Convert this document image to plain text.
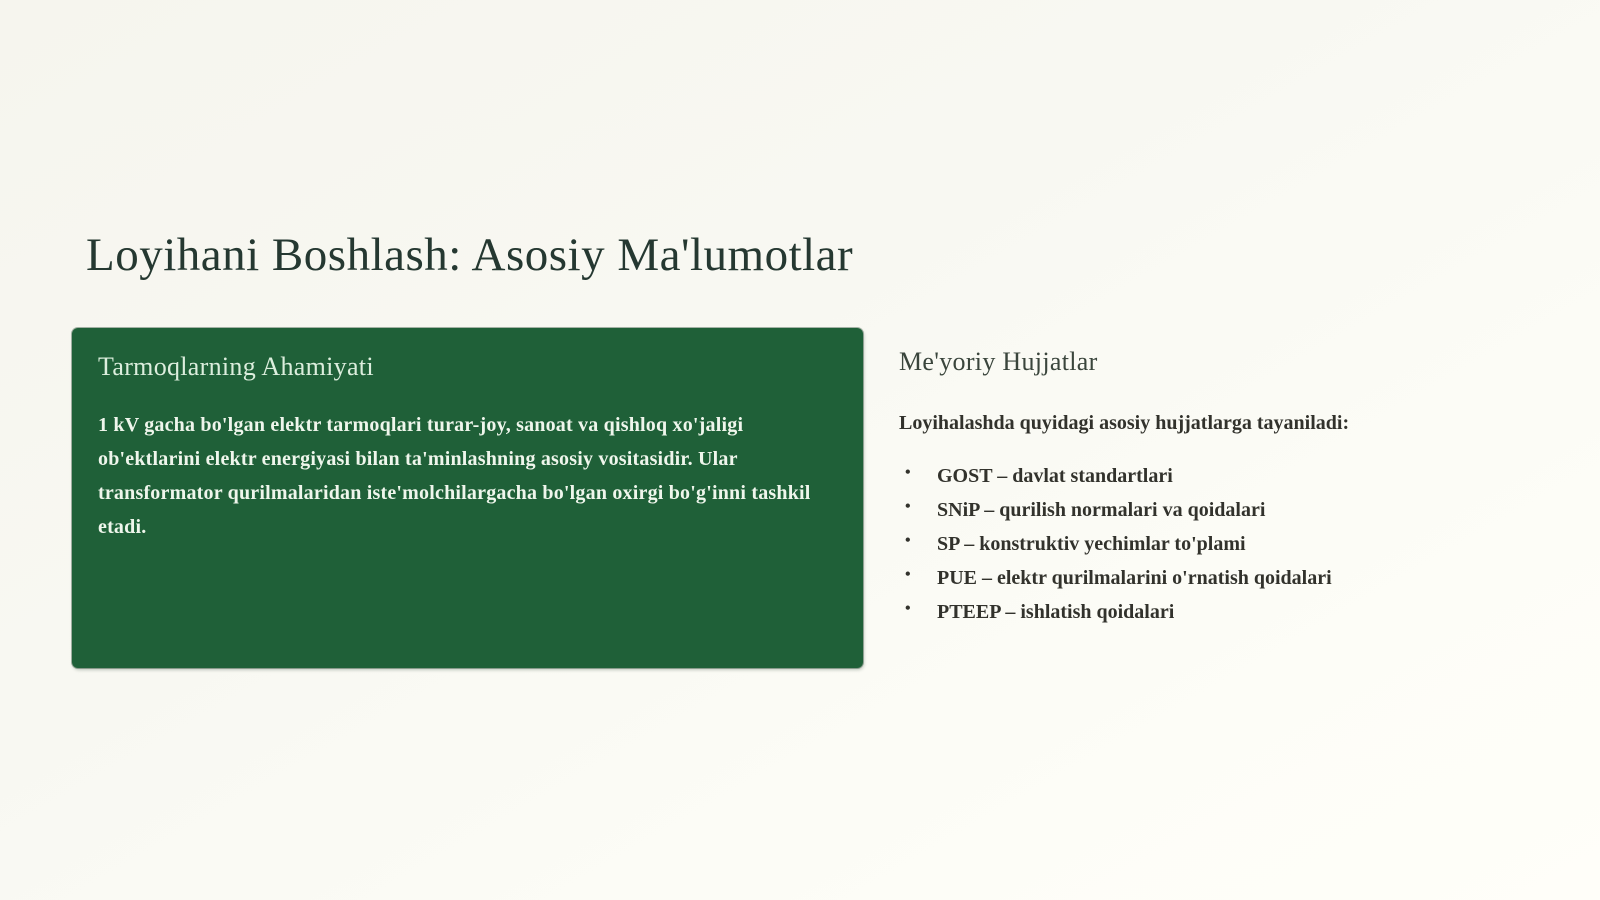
Loyihani Boshlash: Asosiy Ma'lumotlar
Tarmoqlarning Ahamiyati

1 kV gacha bo'lgan elektr tarmoqlari turar-joy, sanoat va qishloq xo'jaligi ob'ektlarini elektr energiyasi bilan ta'minlashning asosiy vositasidir. Ular transformator qurilmalaridan iste'molchilargacha bo'lgan oxirgi bo'g'inni tashkil etadi.

Me'yoriy Hujjatlar

Loyihalashda quyidagi asosiy hujjatlarga tayaniladi:

• GOST – davlat standartlari
• SNiP – qurilish normalari va qoidalari
• SP – konstruktiv yechimlar to'plami
• PUE – elektr qurilmalarini o'rnatish qoidalari
• PTEEP – ishlatish qoidalari
